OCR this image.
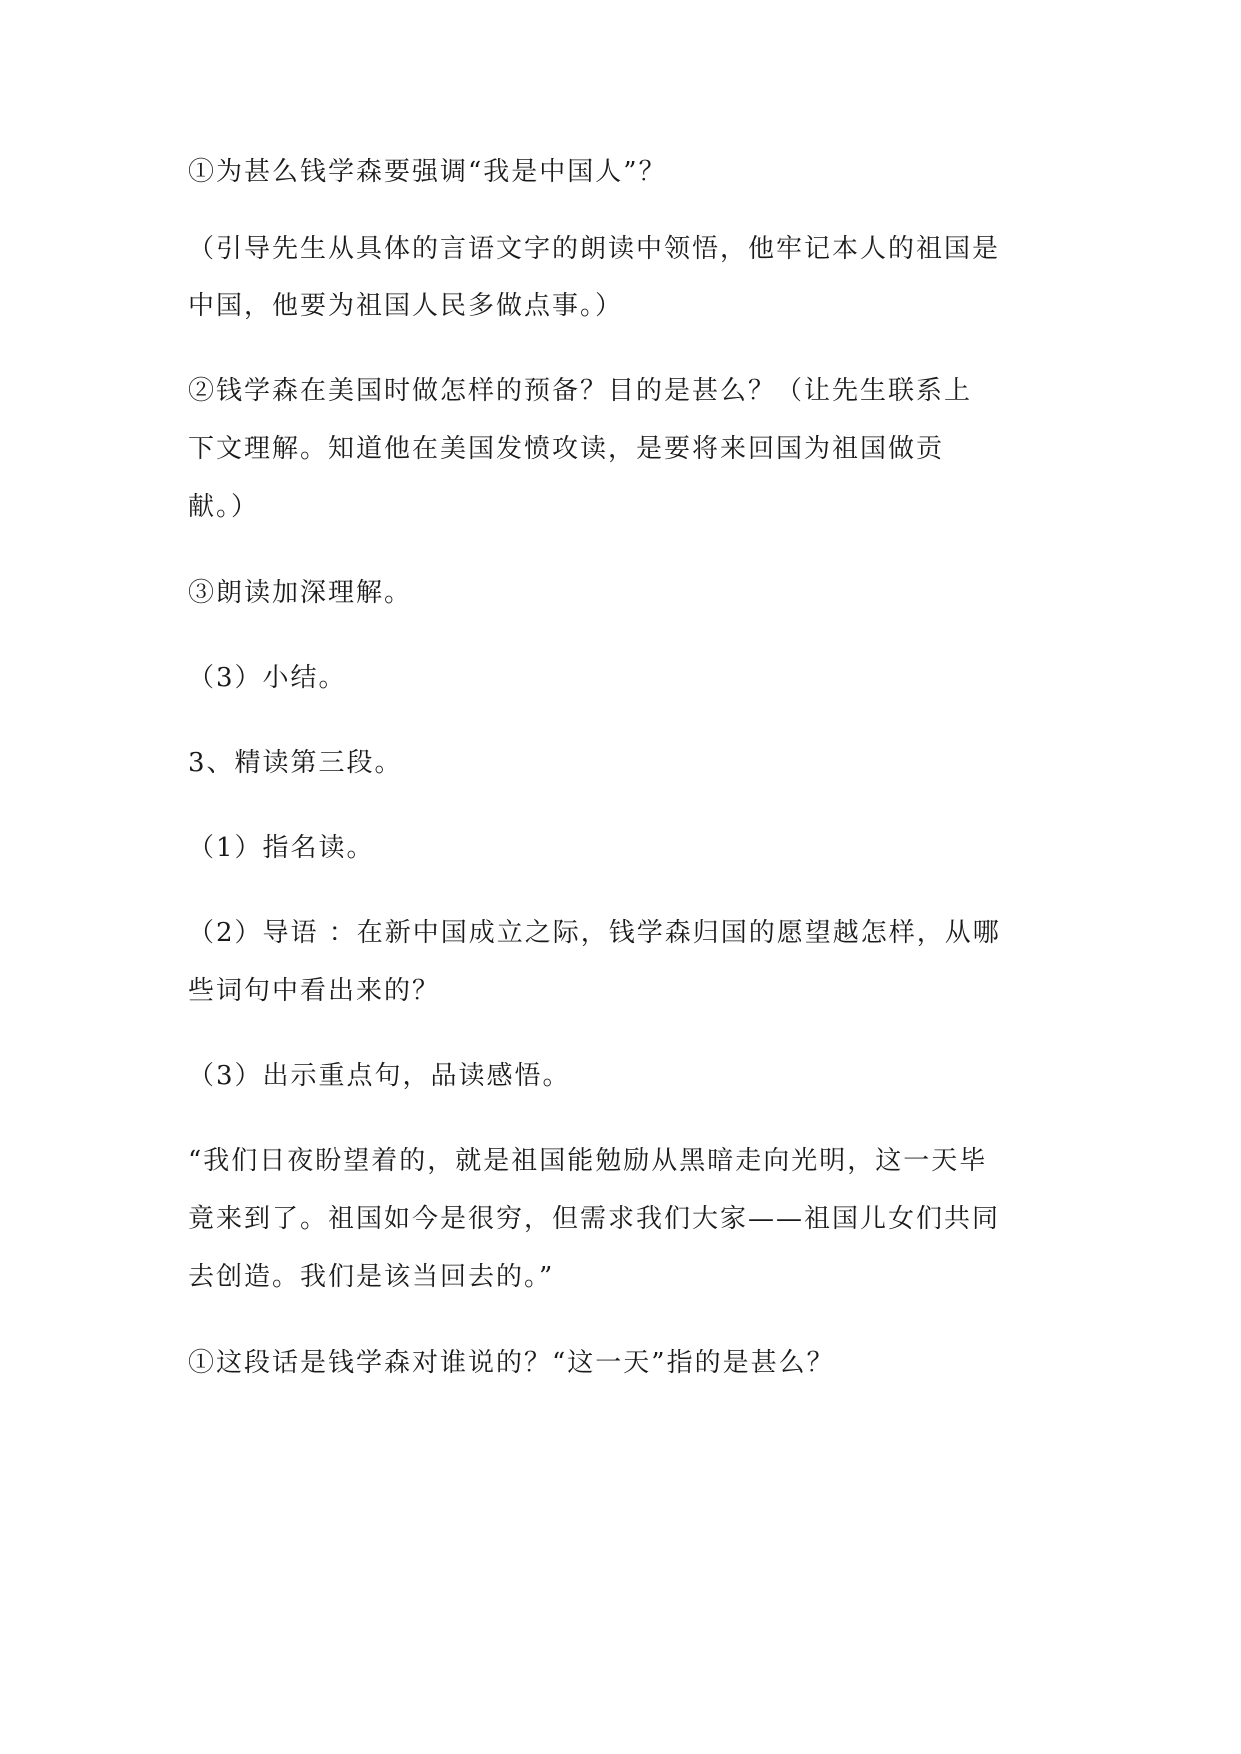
①为甚么钱学森要强调“我是中国人”？
（引导先生从具体的言语文字的朗读中领悟，他牢记本人的祖国是
中国，他要为祖国人民多做点事。）
②钱学森在美国时做怎样的预备？目的是甚么？（让先生联系上
下文理解。知道他在美国发愤攻读，是要将来回国为祖国做贡
献。）
③朗读加深理解。
（3）小结。
3、精读第三段。
（1）指名读。
（2）导语 ：在新中国成立之际，钱学森归国的愿望越怎样，从哪
些词句中看出来的？
（3）出示重点句，品读感悟。
“我们日夜盼望着的，就是祖国能勉励从黑暗走向光明，这一天毕
竟来到了。祖国如今是很穷，但需求我们大家——祖国儿女们共同
去创造。我们是该当回去的。”
①这段话是钱学森对谁说的？“这一天”指的是甚么？
